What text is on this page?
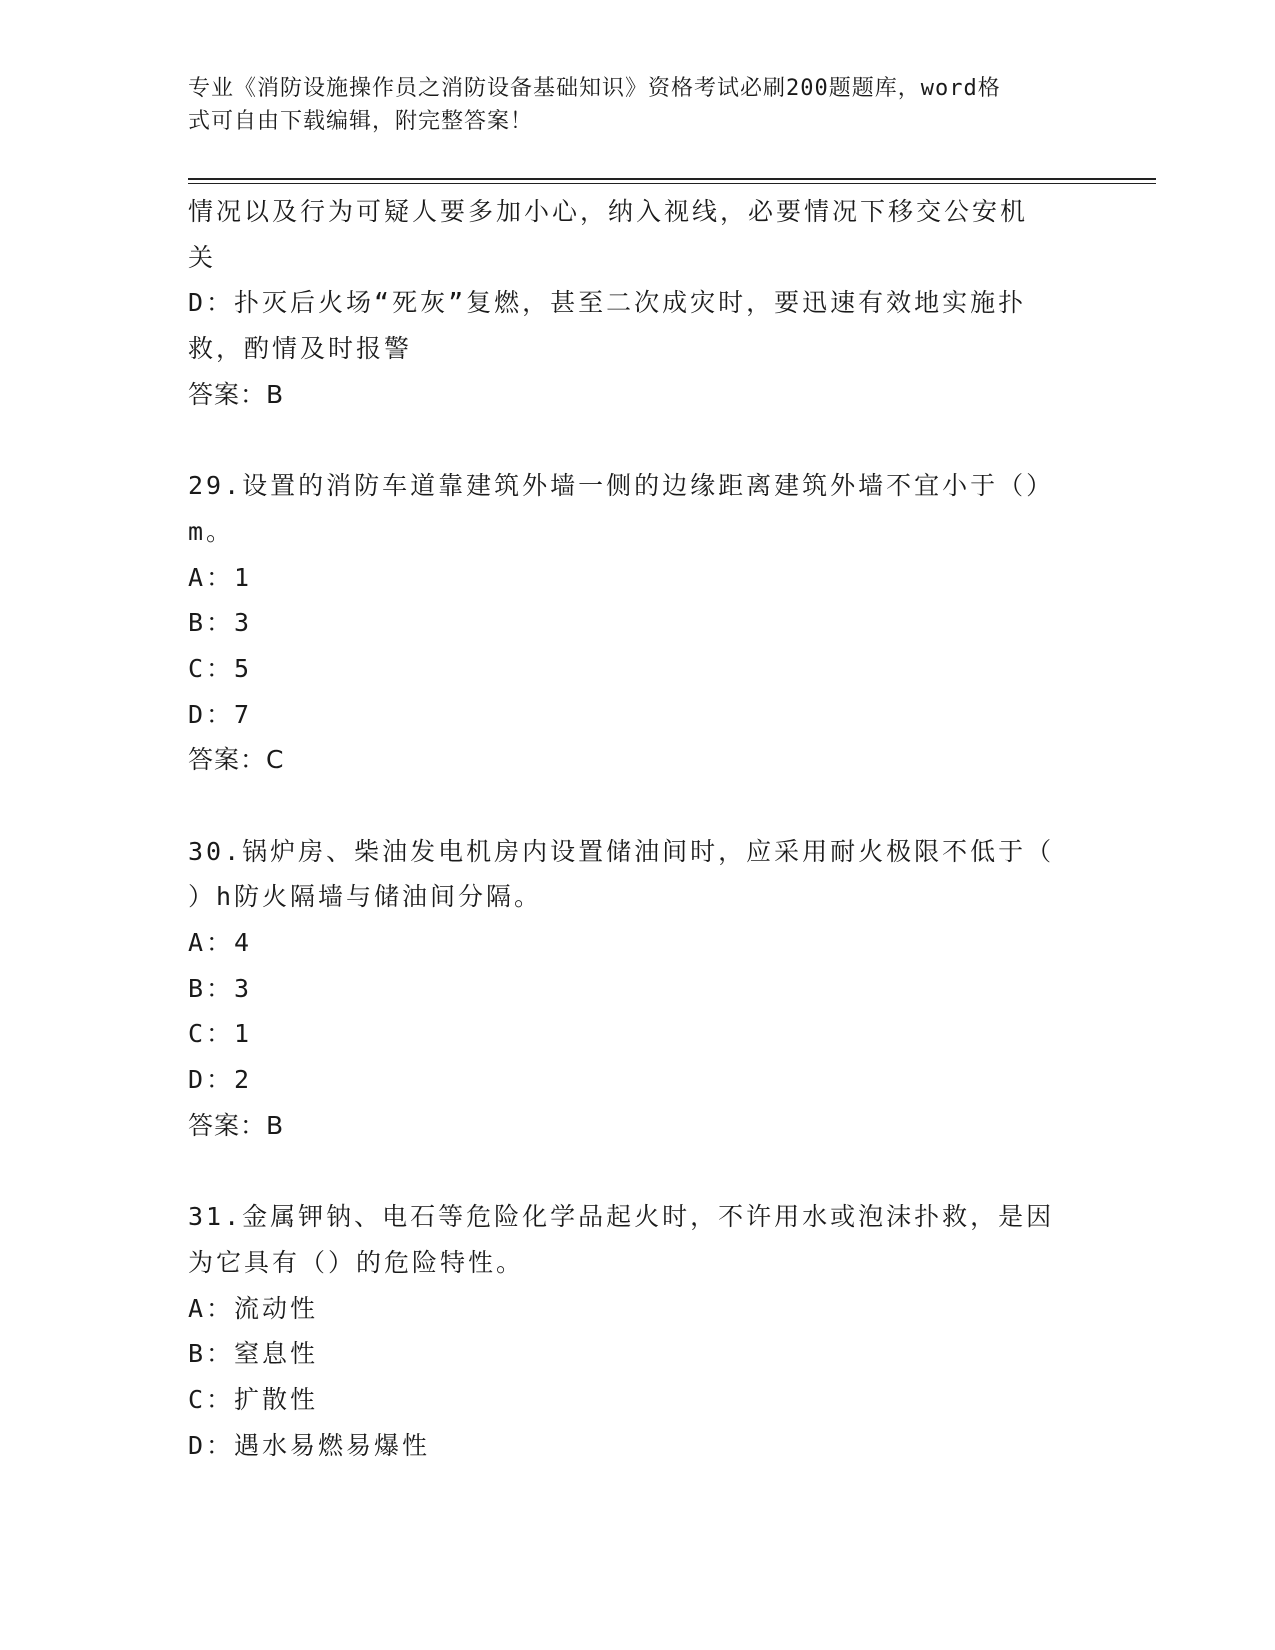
专业《消防设施操作员之消防设备基础知识》资格考试必刷200题题库，word格
式可自由下载编辑，附完整答案！
情况以及行为可疑人要多加小心，纳入视线，必要情况下移交公安机
关
D：扑灭后火场“死灰”复燃，甚至二次成灾时，要迅速有效地实施扑
救，酌情及时报警
答案：B
29.设置的消防车道靠建筑外墙一侧的边缘距离建筑外墙不宜小于（）
m。
A：1
B：3
C：5
D：7
答案：C
30.锅炉房、柴油发电机房内设置储油间时，应采用耐火极限不低于（
）h防火隔墙与储油间分隔。
A：4
B：3
C：1
D：2
答案：B
31.金属钾钠、电石等危险化学品起火时，不许用水或泡沫扑救，是因
为它具有（）的危险特性。
A：流动性
B：窒息性
C：扩散性
D：遇水易燃易爆性
